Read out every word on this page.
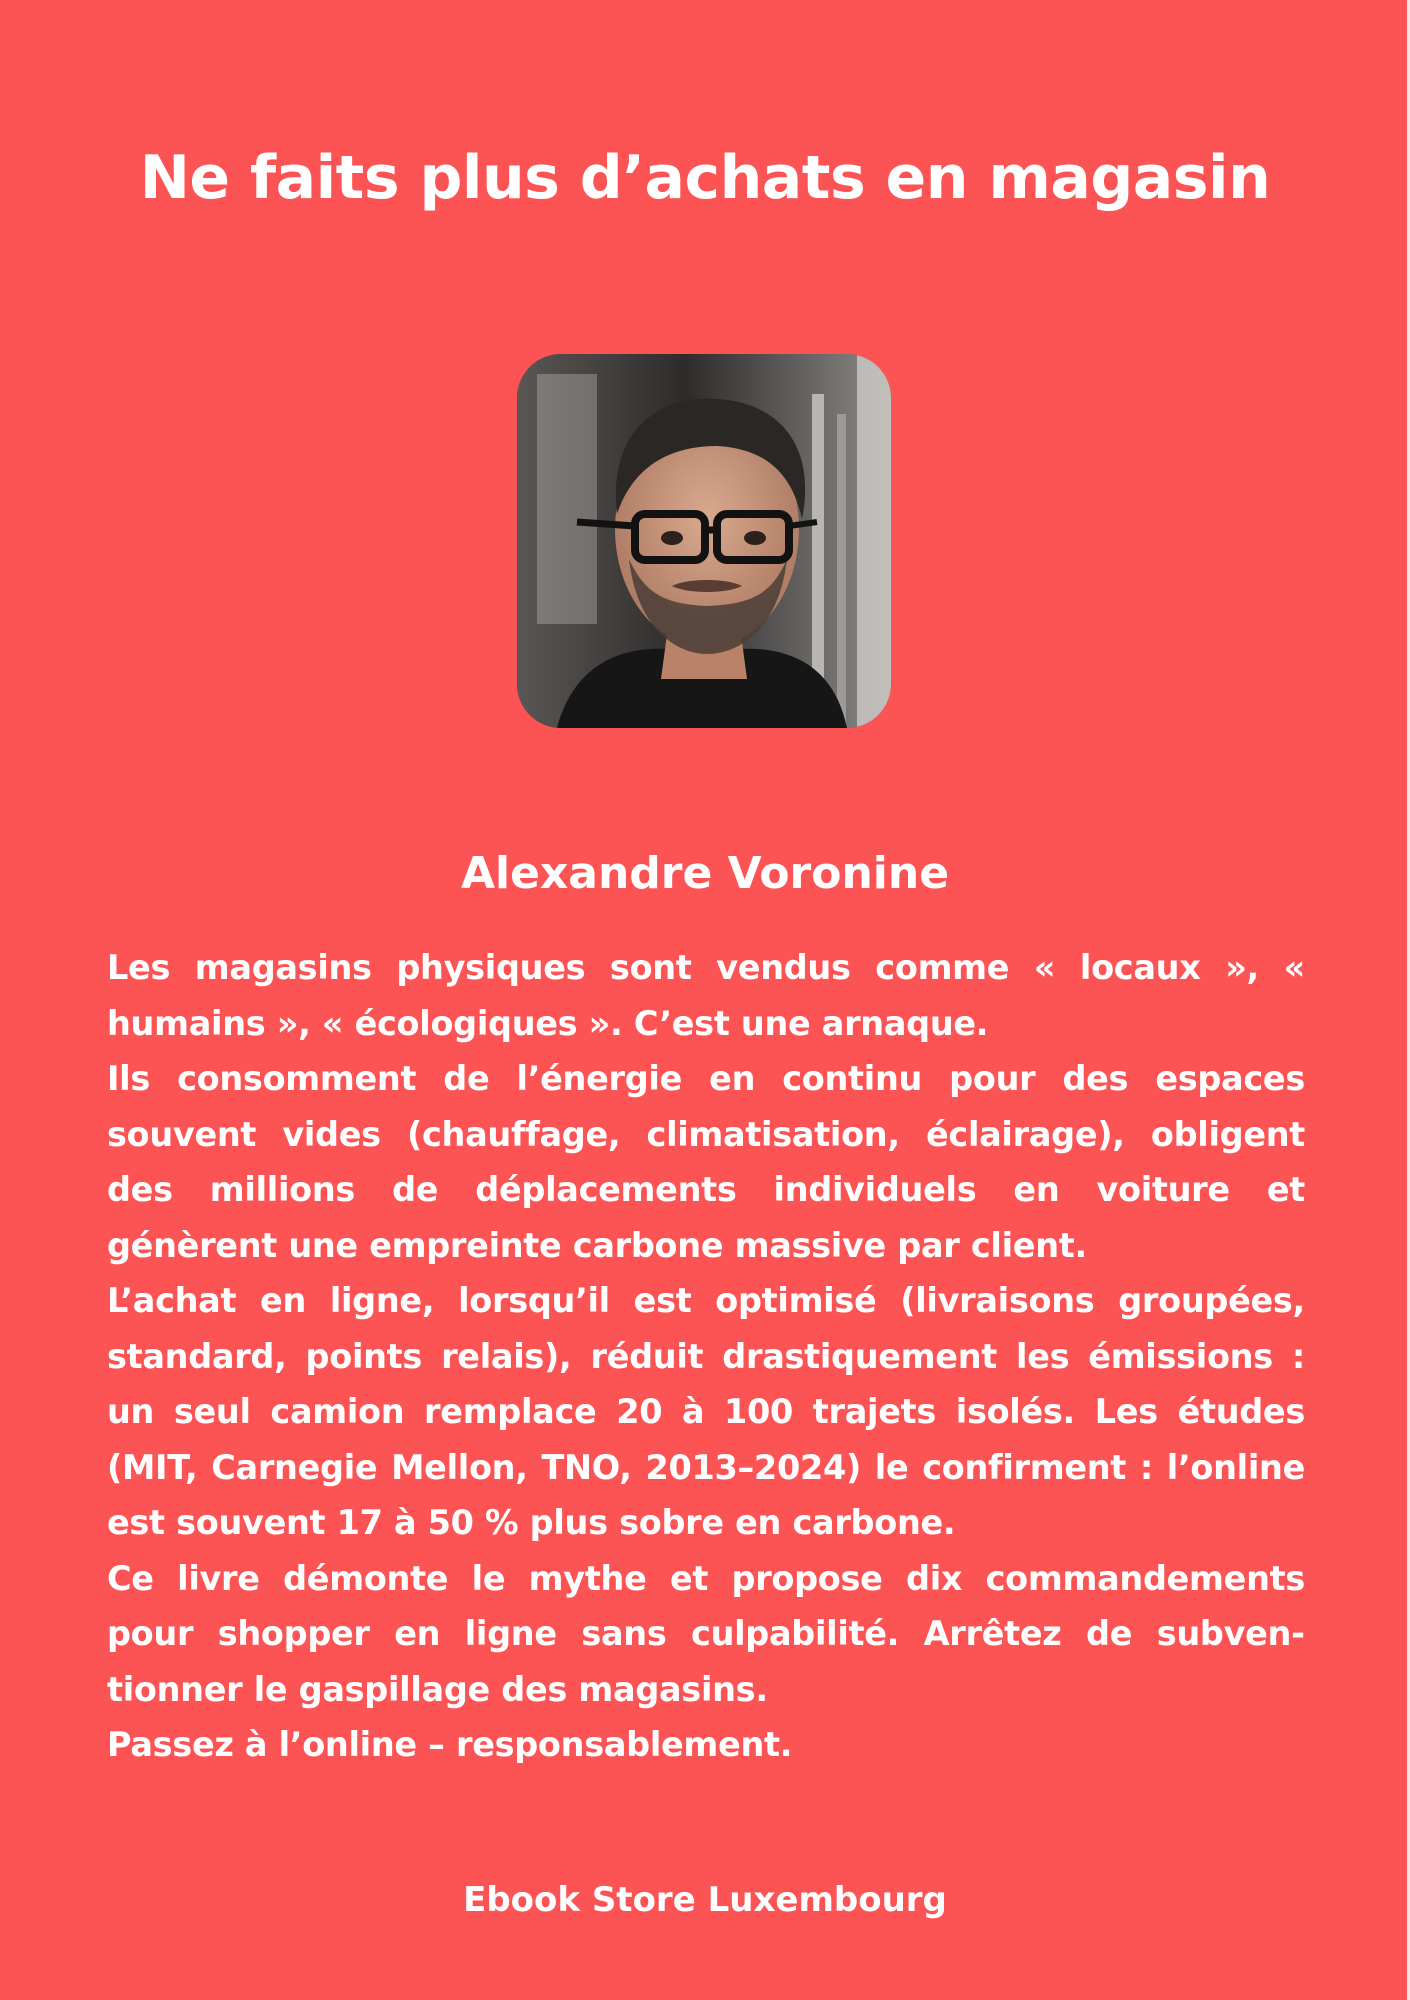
Ne faits plus d’achats en magasin
Alexandre Voronine

Les magasins physiques sont vendus comme « locaux », « humains », « écologiques ». C’est une arnaque.

Ils consomment de l’énergie en continu pour des espaces souvent vides (chauffage, climatisation, éclairage), obligent des millions de déplacements individuels en voiture et génèrent une empreinte carbone massive par client.

L’achat en ligne, lorsqu’il est optimisé (livraisons groupées, standard, points relais), réduit drastiquement les émissions : un seul camion remplace 20 à 100 trajets isolés. Les études (MIT, Carnegie Mellon, TNO, 2013–2024) le confirment : l’online est souvent 17 à 50 % plus sobre en carbone.

Ce livre démonte le mythe et propose dix commandements pour shopper en ligne sans culpabilité. Arrêtez de subventionner le gaspillage des magasins.

Passez à l’online – responsablement.

Ebook Store Luxembourg
